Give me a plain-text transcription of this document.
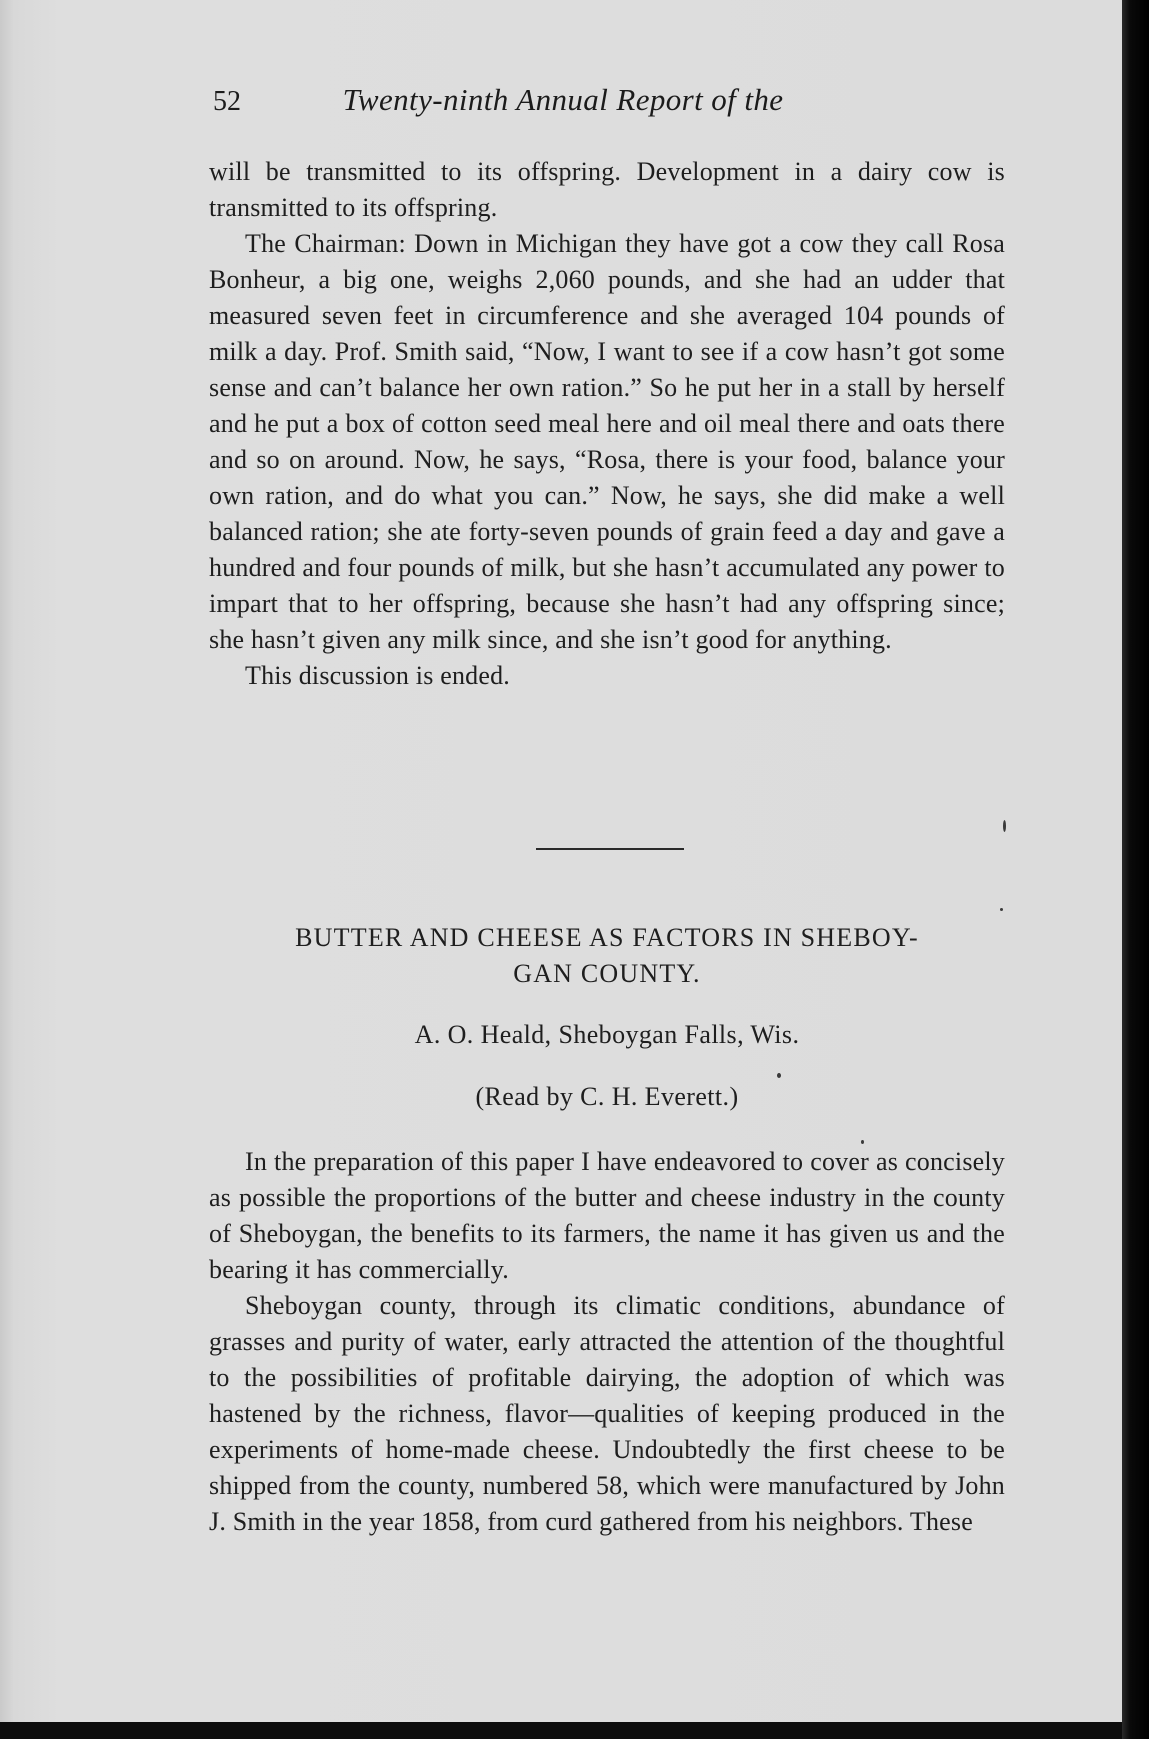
52	Twenty-ninth Annual Report of the

will be transmitted to its offspring. Development in a dairy cow is transmitted to its offspring.

The Chairman: Down in Michigan they have got a cow they call Rosa Bonheur, a big one, weighs 2,060 pounds, and she had an udder that measured seven feet in circumference and she averaged 104 pounds of milk a day. Prof. Smith said, “Now, I want to see if a cow hasn’t got some sense and can’t balance her own ration.” So he put her in a stall by herself and he put a box of cotton seed meal here and oil meal there and oats there and so on around. Now, he says, “Rosa, there is your food, balance your own ration, and do what you can.” Now, he says, she did make a well balanced ration; she ate forty-seven pounds of grain feed a day and gave a hundred and four pounds of milk, but she hasn’t accumulated any power to impart that to her offspring, because she hasn’t had any offspring since; she hasn’t given any milk since, and she isn’t good for anything.

This discussion is ended.

BUTTER AND CHEESE AS FACTORS IN SHEBOY-
GAN COUNTY.
A. O. Heald, Sheboygan Falls, Wis.
(Read by C. H. Everett.)

In the preparation of this paper I have endeavored to cover as concisely as possible the proportions of the butter and cheese industry in the county of Sheboygan, the benefits to its farmers, the name it has given us and the bearing it has commercially.

Sheboygan county, through its climatic conditions, abundance of grasses and purity of water, early attracted the attention of the thoughtful to the possibilities of profitable dairying, the adoption of which was hastened by the richness, flavor—qualities of keeping produced in the experiments of home-made cheese. Undoubtedly the first cheese to be shipped from the county, numbered 58, which were manufactured by John J. Smith in the year 1858, from curd gathered from his neighbors. These
